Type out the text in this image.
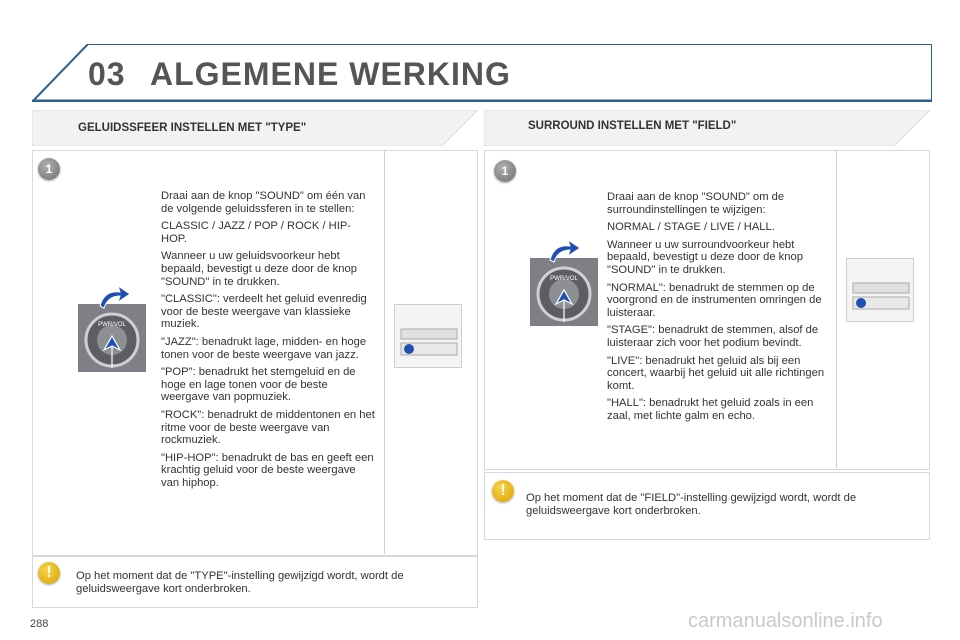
03 ALGEMENE WERKING
GELUIDSSFEER INSTELLEN MET "TYPE"	SURROUND INSTELLEN MET "FIELD"
1
PWR/VOL

Draai aan de knop "SOUND" om één van de volgende geluidssferen in te stellen:

CLASSIC / JAZZ / POP / ROCK / HIP-HOP.

Wanneer u uw geluidsvoorkeur hebt bepaald, bevestigt u deze door de knop "SOUND" in te drukken.

"CLASSIC": verdeelt het geluid evenredig voor de beste weergave van klassieke muziek.

"JAZZ": benadrukt lage, midden- en hoge tonen voor de beste weergave van jazz.

"POP": benadrukt het stemgeluid en de hoge en lage tonen voor de beste weergave van popmuziek.

"ROCK": benadrukt de middentonen en het ritme voor de beste weergave van rockmuziek.

"HIP-HOP": benadrukt de bas en geeft een krachtig geluid voor de beste weergave van hiphop.

!	Op het moment dat de "TYPE"-instelling gewijzigd wordt, wordt de geluidsweergave kort onderbroken.
1
PWR/VOL

Draai aan de knop "SOUND" om de surroundinstellingen te wijzigen:

NORMAL / STAGE / LIVE / HALL.

Wanneer u uw surroundvoorkeur hebt bepaald, bevestigt u deze door de knop "SOUND" in te drukken.

"NORMAL": benadrukt de stemmen op de voorgrond en de instrumenten omringen de luisteraar.

"STAGE": benadrukt de stemmen, alsof de luisteraar zich voor het podium bevindt.

"LIVE": benadrukt het geluid als bij een concert, waarbij het geluid uit alle richtingen komt.

"HALL": benadrukt het geluid zoals in een zaal, met lichte galm en echo.

!	Op het moment dat de "FIELD"-instelling gewijzigd wordt, wordt de geluidsweergave kort onderbroken.
288	carmanualsonline.info
